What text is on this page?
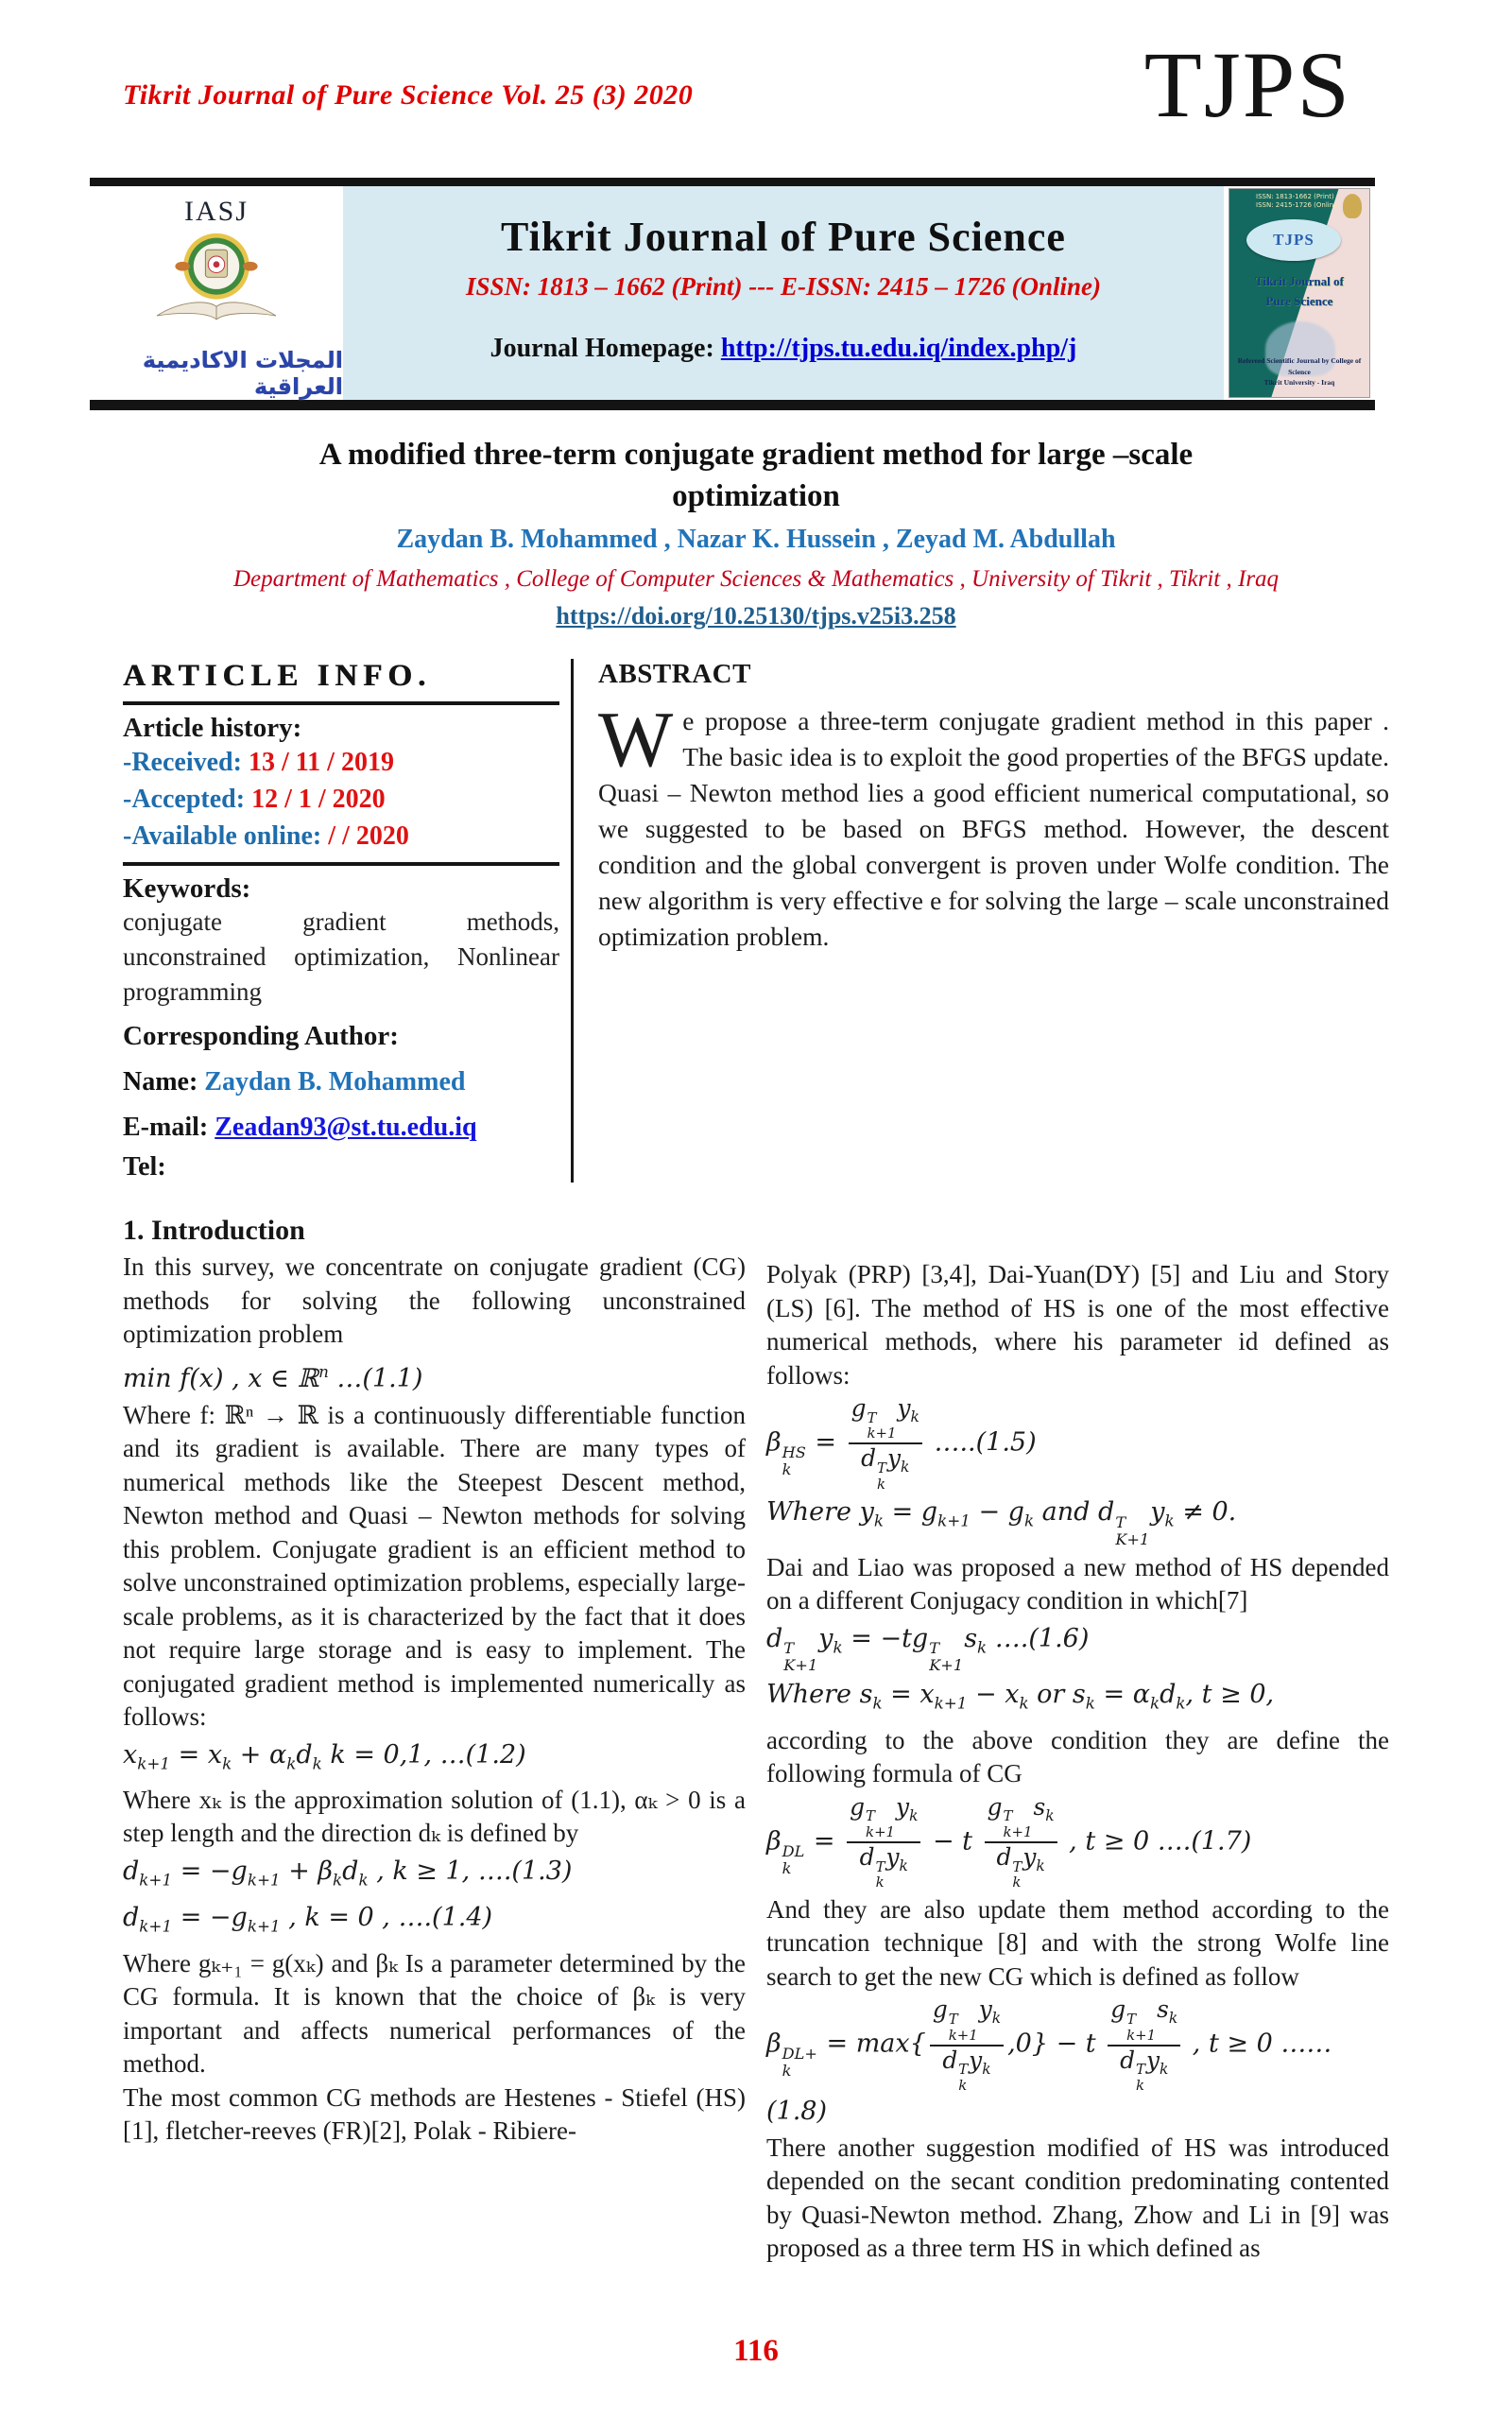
Tikrit Journal of Pure Science Vol. 25 (3) 2020	TJPS
IASJ
المجلات الاكاديمية العراقية
Tikrit Journal of Pure Science
ISSN: 1813 – 1662 (Print) --- E-ISSN: 2415 – 1726 (Online)
Journal Homepage: http://tjps.tu.edu.iq/index.php/j
ISSN: 1813-1662 (Print)
ISSN: 2415-1726 (Online)
TJPS
Tikrit Journal of
Pure Science
Refereed Scientific Journal by College of Science
Tikrit University - Iraq
A modified three-term conjugate gradient method for large –scale
optimization
Zaydan B. Mohammed , Nazar K. Hussein , Zeyad M. Abdullah
Department of Mathematics , College of Computer Sciences & Mathematics , University of Tikrit , Tikrit , Iraq
https://doi.org/10.25130/tjps.v25i3.258
ARTICLE INFO.
Article history:
-Received: 13 / 11 / 2019
-Accepted: 12 / 1 / 2020
-Available online: / / 2020
Keywords:
conjugate gradient methods, unconstrained optimization, Nonlinear programming
Corresponding Author:
Name: Zaydan B. Mohammed
E-mail: Zeadan93@st.tu.edu.iq
Tel:
ABSTRACT
We propose a three-term conjugate gradient method in this paper . The basic idea is to exploit the good properties of the BFGS update. Quasi – Newton method lies a good efficient numerical computational, so we suggested to be based on BFGS method. However, the descent condition and the global convergent is proven under Wolfe condition. The new algorithm is very effective e for solving the large – scale unconstrained optimization problem.
1. Introduction

In this survey, we concentrate on conjugate gradient (CG) methods for solving the following unconstrained optimization problem

min f(x) , x ∈ ℝ$^n$ …(1.1)

Where f: ℝⁿ → ℝ is a continuously differentiable function and its gradient is available. There are many types of numerical methods like the Steepest Descent method, Newton method and Quasi – Newton methods for solving this problem. Conjugate gradient is an efficient method to solve unconstrained optimization problems, especially large-scale problems, as it is characterized by the fact that it does not require large storage and is easy to implement. The conjugated gradient method is implemented numerically as follows:

$x_{k+1} = x_k + \alpha_kd_k$ k = 0,1, …(1.2)

Where xₖ is the approximation solution of (1.1), αₖ > 0 is a step length and the direction dₖ is defined by

$d_{k+1} = -g_{k+1} + \beta_kd_k$ , k ≥ 1, ….(1.3)
$d_{k+1} = -g_{k+1}$ , k = 0 , ….(1.4)

Where gₖ₊₁ = g(xₖ) and βₖ Is a parameter determined by the CG formula. It is known that the choice of βₖ is very important and affects numerical performances of the method.

The most common CG methods are Hestenes - Stiefel (HS)[1], fletcher-reeves (FR)[2], Polak - Ribiere-

Polyak (PRP) [3,4], Dai-Yuan(DY) [5] and Liu and Story (LS) [6]. The method of HS is one of the most effective numerical methods, where his parameter id defined as follows:

β HS
k
= g T
k+1
$y_k$
d T
k
$y_k$ …..(1.5)
Where $y_k = g_{k+1} - g_k$ and d T
K+1
$y_k \ne 0$.

Dai and Liao was proposed a new method of HS depended on a different Conjugacy condition in which[7]

d T
K+1
$y_k = -tg$ T
K+1
$s_k$ ….(1.6)
Where $s_k = x_{k+1} - x_k$ or $s_k = \alpha_kd_k$, t ≥ 0,

according to the above condition they are define the following formula of CG

β DL
k
= g T
k+1
$y_k$
d T
k
$y_k - t$ g T
k+1
$s_k$
d T
k
$y_k$ , t ≥ 0 ….(1.7)

And they are also update them method according to the truncation technique [8] and with the strong Wolfe line search to get the new CG which is defined as follow

β DL+
k
= max{ g T
k+1
$y_k$
d T
k
$y_k$ ,0} − t g T
k+1
$s_k$
d T
k
$y_k$ , t ≥ 0 ……(1.8)

There another suggestion modified of HS was introduced depended on the secant condition predominating contented by Quasi-Newton method. Zhang, Zhow and Li in [9] was proposed as a three term HS in which defined as

116
